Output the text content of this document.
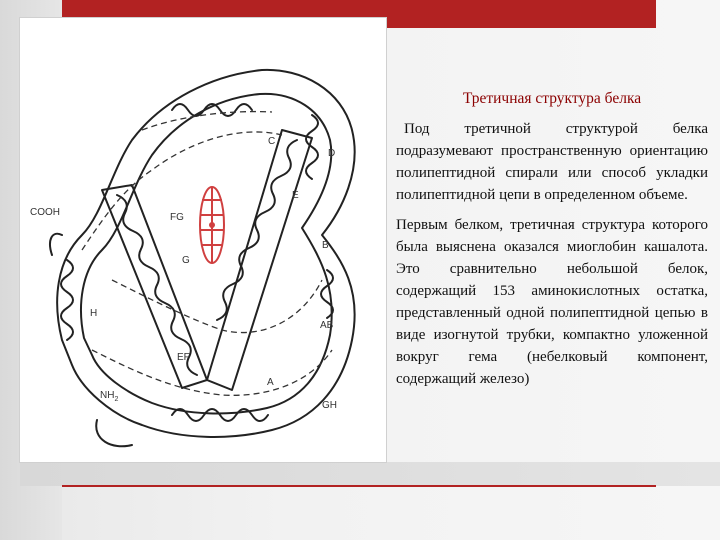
COOH
C
D
E
B
FG
G
H
AB
EF
A
$NH_2$
GH
Третичная структура белка

Под третичной структурой белка подразумевают пространственную ориентацию полипептидной спирали или способ укладки полипептидной цепи в определенном объеме.

Первым белком, третичная структура которого была выяснена оказался миоглобин кашалота. Это сравнительно небольшой белок, содержащий 153 аминокислотных остатка, представленный одной полипептидной цепью в виде изогнутой трубки, компактно уложенной вокруг гема (небелковый компонент, содержащий железо)
